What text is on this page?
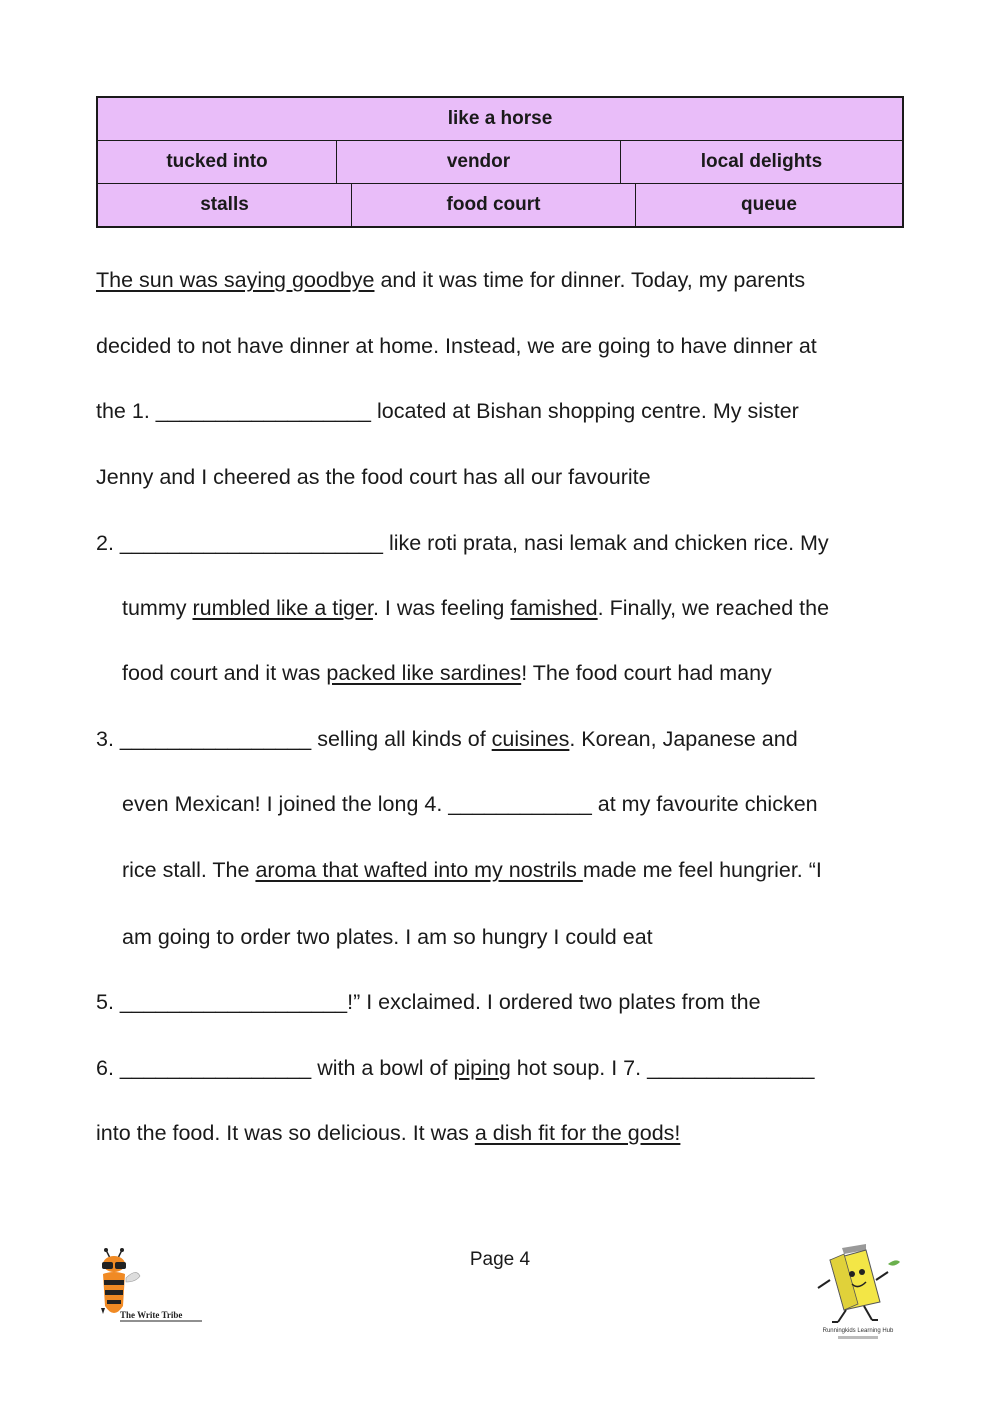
like a horse
tucked into	vendor	local delights
stalls	food court	queue
The sun was saying goodbye and it was time for dinner. Today, my parents
decided to not have dinner at home. Instead, we are going to have dinner at
the 1. __________________ located at Bishan shopping centre. My sister
Jenny and I cheered as the food court has all our favourite
2. ______________________ like roti prata, nasi lemak and chicken rice. My
tummy rumbled like a tiger. I was feeling famished. Finally, we reached the
food court and it was packed like sardines! The food court had many
3. ________________ selling all kinds of cuisines. Korean, Japanese and
even Mexican! I joined the long 4. ____________ at my favourite chicken
rice stall. The aroma that wafted into my nostrils made me feel hungrier. “I
am going to order two plates. I am so hungry I could eat
5. ___________________!” I exclaimed. I ordered two plates from the
6. ________________ with a bowl of piping hot soup. I 7. ______________
into the food. It was so delicious. It was a dish fit for the gods!
Page 4
The Write Tribe
Runningkids Learning Hub
